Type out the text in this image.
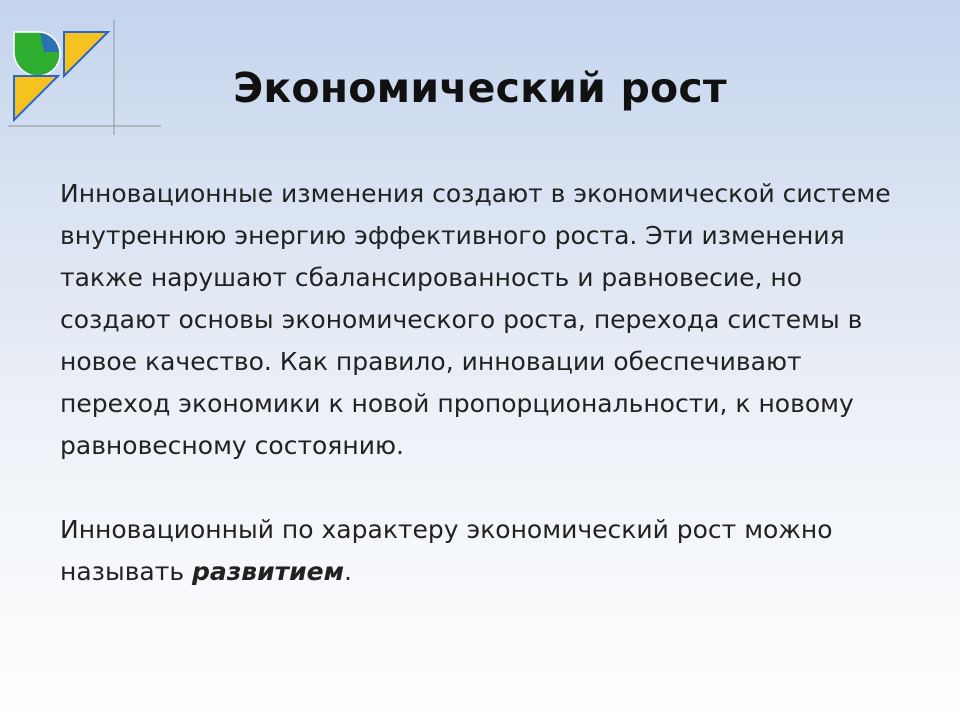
Экономический рост

Инновационные изменения создают в экономической системе внутреннюю энергию эффективного роста. Эти изменения также нарушают сбалансированность и равновесие, но создают основы экономического роста, перехода системы в новое качество. Как правило, инновации обеспечивают переход экономики к новой пропорциональности, к новому равновесному состоянию.

Инновационный по характеру экономический рост можно называть развитием.
